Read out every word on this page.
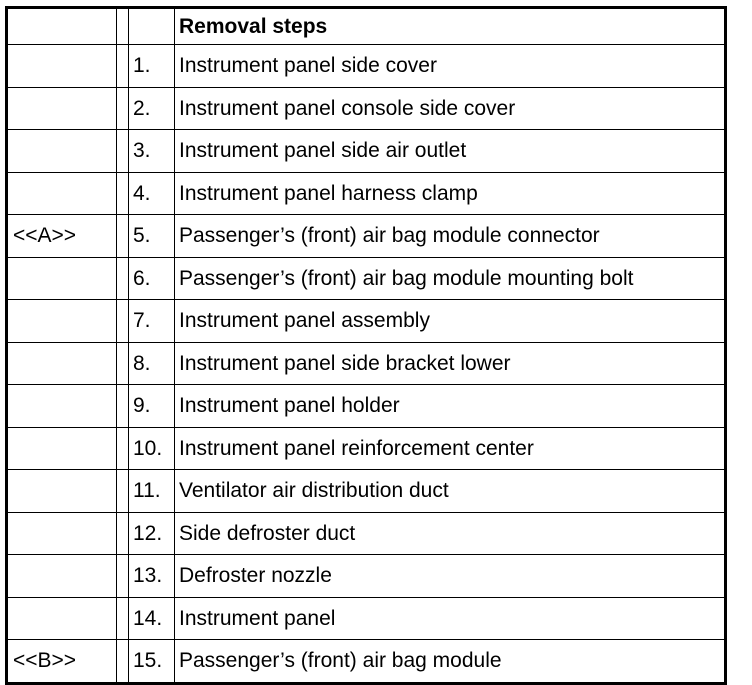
			Removal steps
		1.	Instrument panel side cover
		2.	Instrument panel console side cover
		3.	Instrument panel side air outlet
		4.	Instrument panel harness clamp
<<A>>		5.	Passenger’s (front) air bag module connector
		6.	Passenger’s (front) air bag module mounting bolt
		7.	Instrument panel assembly
		8.	Instrument panel side bracket lower
		9.	Instrument panel holder
		10.	Instrument panel reinforcement center
		11.	Ventilator air distribution duct
		12.	Side defroster duct
		13.	Defroster nozzle
		14.	Instrument panel
<<B>>		15.	Passenger’s (front) air bag module
